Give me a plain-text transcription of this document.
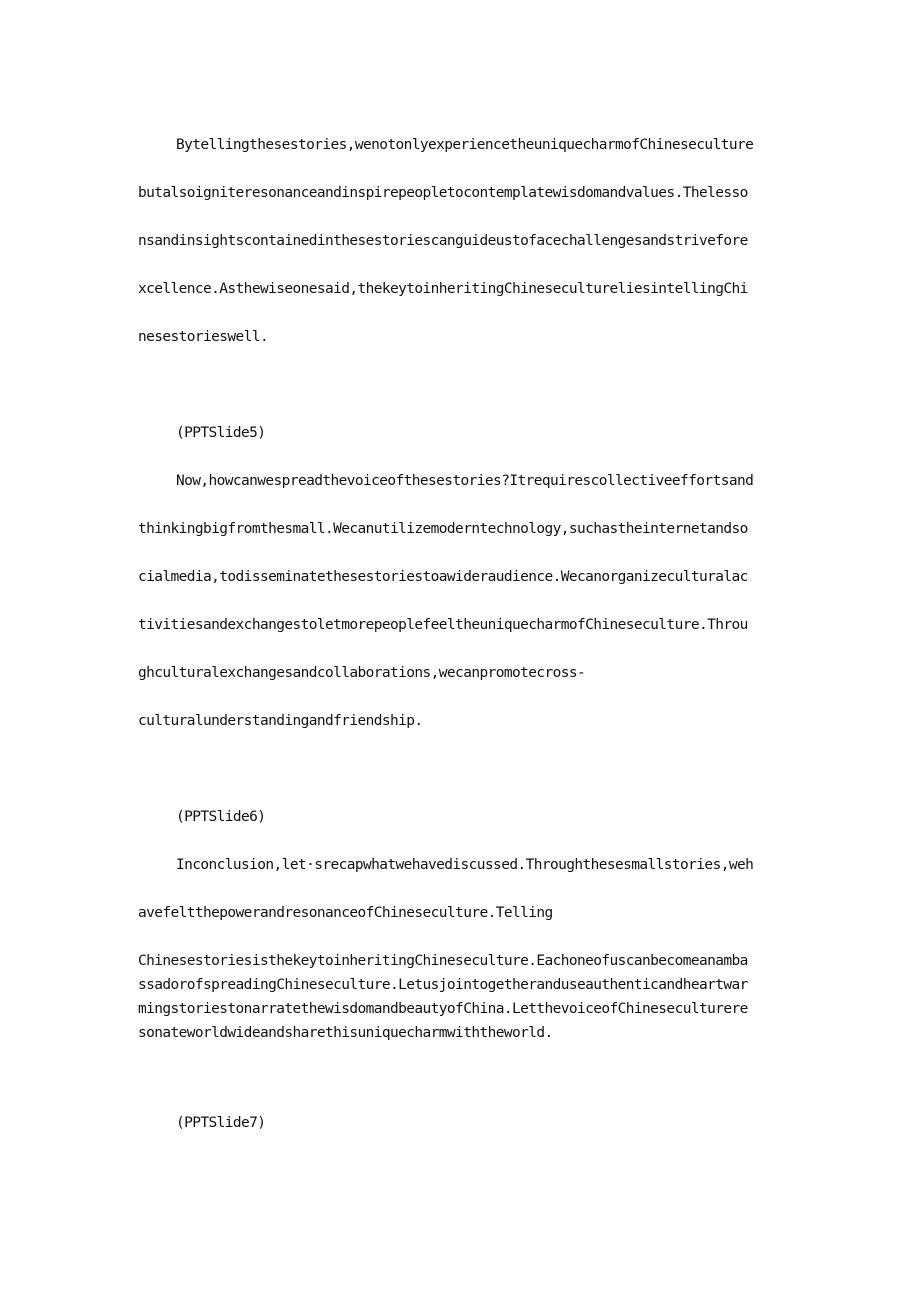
Bytellingthesestories,wenotonlyexperiencetheuniquecharmofChineseculture

butalsoigniteresonanceandinspirepeopletocontemplatewisdomandvalues.Thelesso

nsandinsightscontainedinthesestoriescanguideustofacechallengesandstrivefore

xcellence.Asthewiseonesaid,thekeytoinheritingChinesecultureliesintellingChi

nesestorieswell.

(PPTSlide5)

Now,howcanwespreadthevoiceofthesestories?Itrequirescollectiveeffortsand

thinkingbigfromthesmall.Wecanutilizemoderntechnology,suchastheinternetandso

cialmedia,todisseminatethesestoriestoawideraudience.Wecanorganizeculturalac

tivitiesandexchangestoletmorepeoplefeeltheuniquecharmofChineseculture.Throu

ghculturalexchangesandcollaborations,wecanpromotecross-

culturalunderstandingandfriendship.

(PPTSlide6)

Inconclusion,let·srecapwhatwehavediscussed.Throughthesesmallstories,weh

avefeltthepowerandresonanceofChineseculture.Telling

ChinesestoriesisthekeytoinheritingChineseculture.Eachoneofuscanbecomeanamba

ssadorofspreadingChineseculture.Letusjointogetheranduseauthenticandheartwar

mingstoriestonarratethewisdomandbeautyofChina.LetthevoiceofChineseculturere

sonateworldwideandsharethisuniquecharmwiththeworld.

(PPTSlide7)
